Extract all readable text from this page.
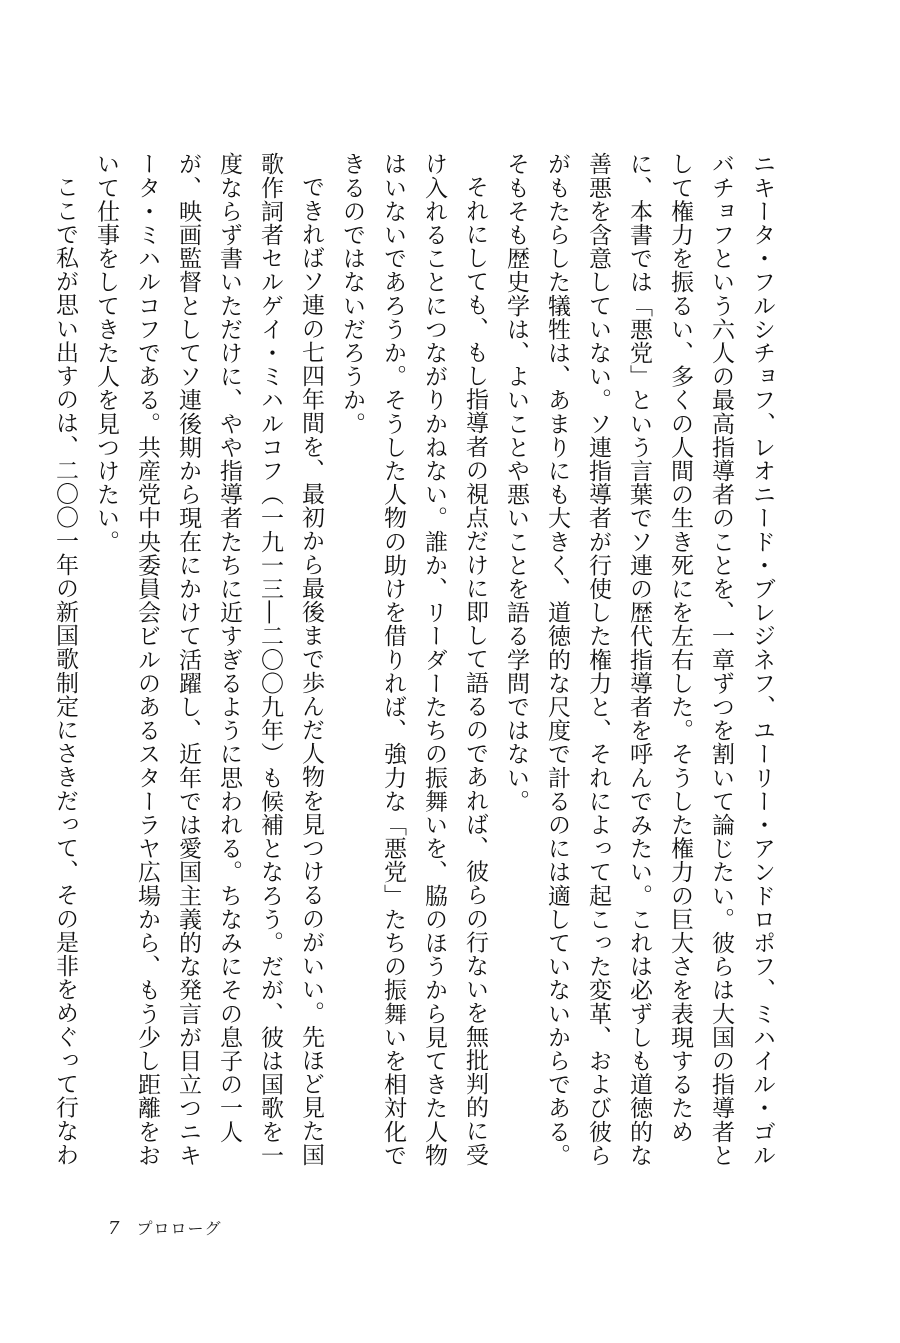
ニキータ・フルシチョフ、レオニード・ブレジネフ、ユーリー・アンドロポフ、ミハイル・ゴルバチョフという六人の最高指導者のことを、一章ずつを割いて論じたい。彼らは大国の指導者として権力を振るい、多くの人間の生き死にを左右した。そうした権力の巨大さを表現するために、本書では「悪党」という言葉でソ連の歴代指導者を呼んでみたい。これは必ずしも道徳的な善悪を含意していない。ソ連指導者が行使した権力と、それによって起こった変革、および彼らがもたらした犠牲は、あまりにも大きく、道徳的な尺度で計るのには適していないからである。そもそも歴史学は、よいことや悪いことを語る学問ではない。

それにしても、もし指導者の視点だけに即して語るのであれば、彼らの行ないを無批判的に受け入れることにつながりかねない。誰か、リーダーたちの振舞いを、脇のほうから見てきた人物はいないであろうか。そうした人物の助けを借りれば、強力な「悪党」たちの振舞いを相対化できるのではないだろうか。

できればソ連の七四年間を、最初から最後まで歩んだ人物を見つけるのがいい。先ほど見た国歌作詞者セルゲイ・ミハルコフ（一九一三―二〇〇九年）も候補となろう。だが、彼は国歌を一度ならず書いただけに、やや指導者たちに近すぎるように思われる。ちなみにその息子の一人が、映画監督としてソ連後期から現在にかけて活躍し、近年では愛国主義的な発言が目立つニキータ・ミハルコフである。共産党中央委員会ビルのあるスターラヤ広場から、もう少し距離をおいて仕事をしてきた人を見つけたい。

ここで私が思い出すのは、二〇〇一年の新国歌制定にさきだって、その是非をめぐって行なわ

7 プロローグ
